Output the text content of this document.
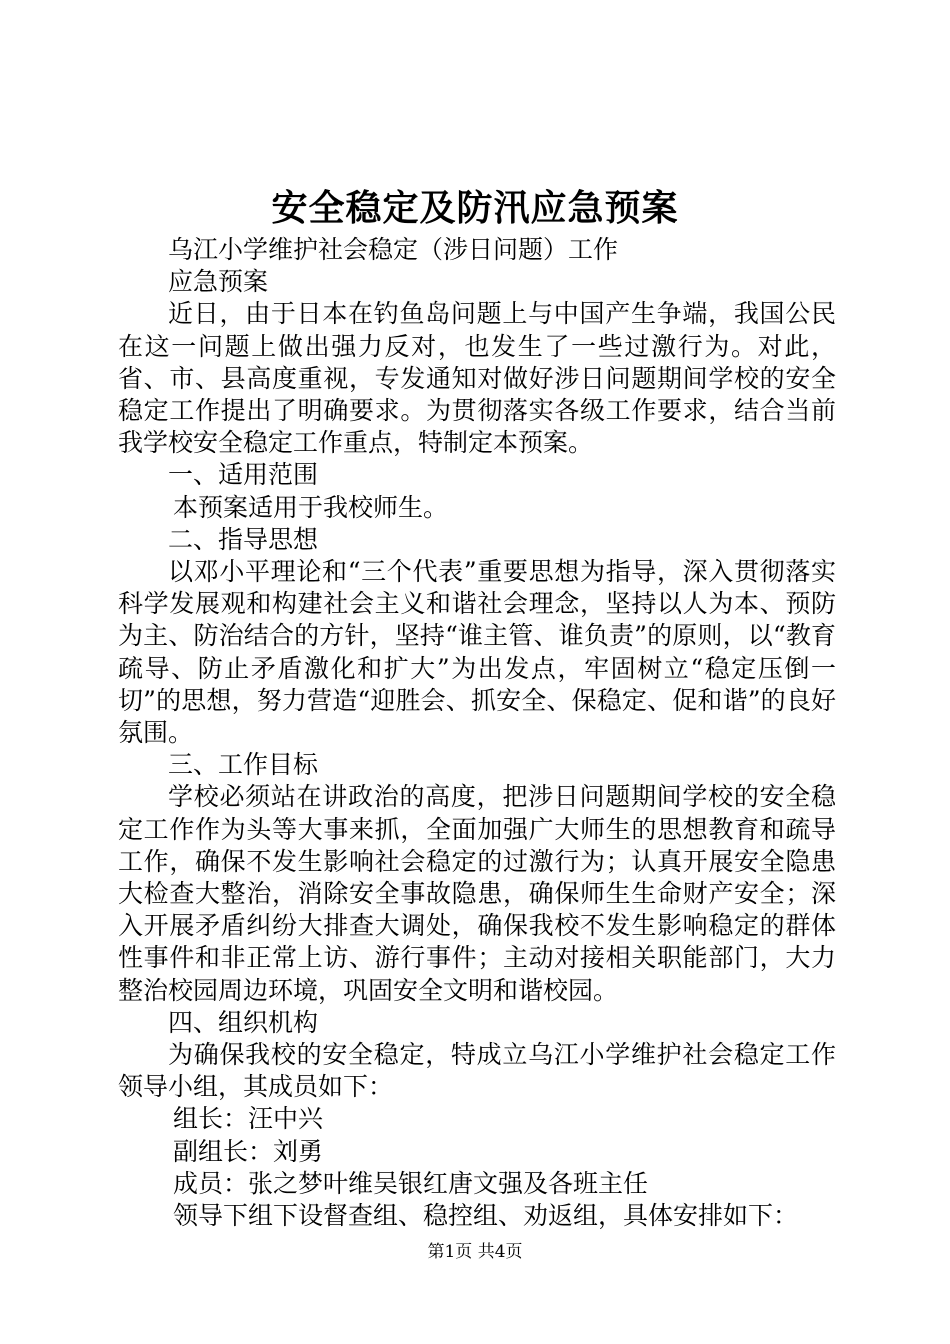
安全稳定及防汛应急预案

乌江小学维护社会稳定（涉日问题）工作

应急预案

近日，由于日本在钓鱼岛问题上与中国产生争端，我国公民在这一问题上做出强力反对，也发生了一些过激行为。对此，省、市、县高度重视，专发通知对做好涉日问题期间学校的安全稳定工作提出了明确要求。为贯彻落实各级工作要求，结合当前我学校安全稳定工作重点，特制定本预案。

一、适用范围

本预案适用于我校师生。

二、指导思想

以邓小平理论和“三个代表”重要思想为指导，深入贯彻落实科学发展观和构建社会主义和谐社会理念，坚持以人为本、预防为主、防治结合的方针，坚持“谁主管、谁负责”的原则，以“教育疏导、防止矛盾激化和扩大”为出发点，牢固树立“稳定压倒一切”的思想，努力营造“迎胜会、抓安全、保稳定、促和谐”的良好氛围。

三、工作目标

学校必须站在讲政治的高度，把涉日问题期间学校的安全稳定工作作为头等大事来抓，全面加强广大师生的思想教育和疏导工作，确保不发生影响社会稳定的过激行为；认真开展安全隐患大检查大整治，消除安全事故隐患，确保师生生命财产安全；深入开展矛盾纠纷大排查大调处，确保我校不发生影响稳定的群体性事件和非正常上访、游行事件；主动对接相关职能部门，大力整治校园周边环境，巩固安全文明和谐校园。

四、组织机构

为确保我校的安全稳定，特成立乌江小学维护社会稳定工作领导小组，其成员如下：

组长：汪中兴

副组长：刘勇

成员：张之梦叶维吴银红唐文强及各班主任

领导下组下设督查组、稳控组、劝返组，具体安排如下：

第1页 共4页
